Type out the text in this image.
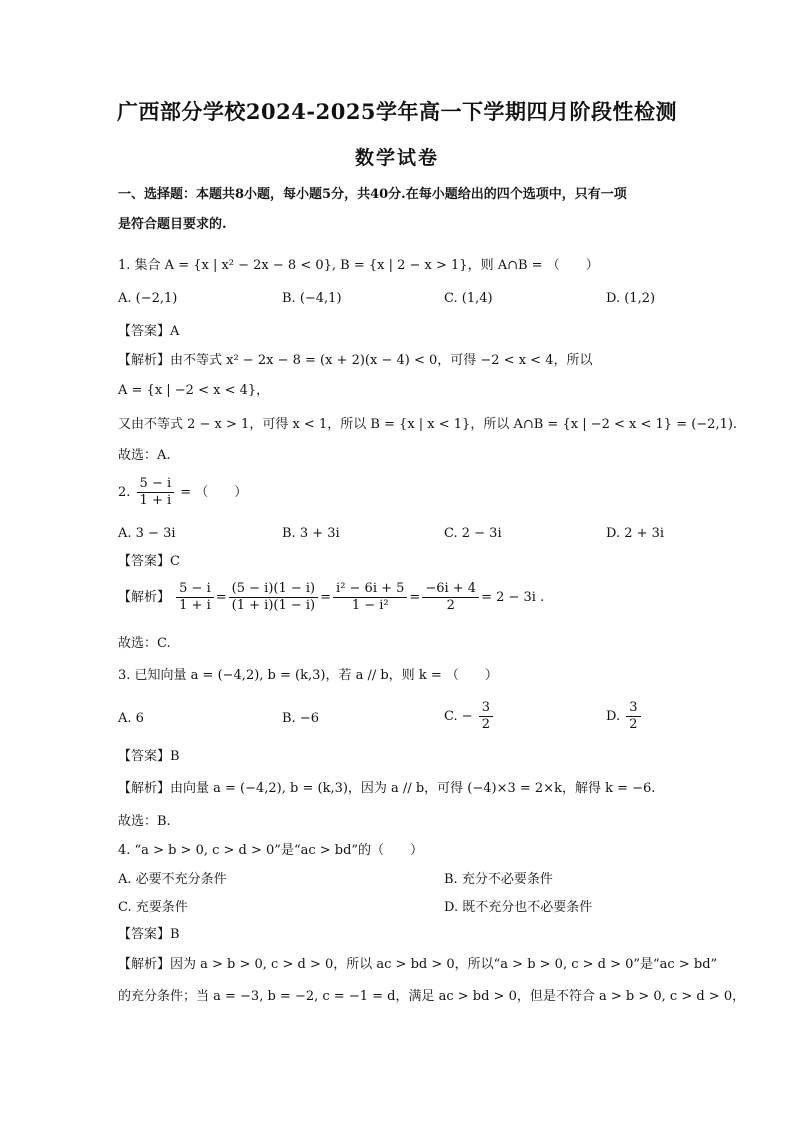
广西部分学校2024-2025学年高一下学期四月阶段性检测
数学试卷
一、选择题：本题共8小题，每小题5分，共40分.在每小题给出的四个选项中，只有一项
是符合题目要求的.
1. 集合 A = {x | x² − 2x − 8 < 0}, B = {x | 2 − x > 1}，则 A∩B = （　　）
A. (−2,1)	B. (−4,1)	C. (1,4)	D. (1,2)
【答案】A
【解析】由不等式 x² − 2x − 8 = (x + 2)(x − 4) < 0，可得 −2 < x < 4，所以
A = {x | −2 < x < 4}，
又由不等式 2 − x > 1，可得 x < 1，所以 B = {x | x < 1}，所以 A∩B = {x | −2 < x < 1} = (−2,1).
故选：A.
2. $\frac{5 - i}{1 + i}$ = （　　）
A. 3 − 3i	B. 3 + 3i	C. 2 − 3i	D. 2 + 3i
【答案】C
【解析】 $\frac{5 - i}{1 + i} = \frac{(5 - i)(1 - i)}{(1 + i)(1 - i)} = \frac{\text{i² − 6i + 5}}{\text{1 − i²}} = \frac{-6i + 4}{2} = 2 - 3i$ .
故选：C.
3. 已知向量 a = (−4,2), b = (k,3)，若 a // b，则 k = （　　）
A. 6	B. −6	C. − $\frac{3}{2}$	D. $\frac{3}{2}$
【答案】B
【解析】由向量 a = (−4,2), b = (k,3)，因为 a // b，可得 (−4)×3 = 2×k，解得 k = −6.
故选：B.
4. “a > b > 0, c > d > 0”是“ac > bd”的（　　）
A. 必要不充分条件	B. 充分不必要条件
C. 充要条件	D. 既不充分也不必要条件
【答案】B
【解析】因为 a > b > 0, c > d > 0，所以 ac > bd > 0，所以“a > b > 0, c > d > 0”是“ac > bd”
的充分条件；当 a = −3, b = −2, c = −1 = d，满足 ac > bd > 0，但是不符合 a > b > 0, c > d > 0，
